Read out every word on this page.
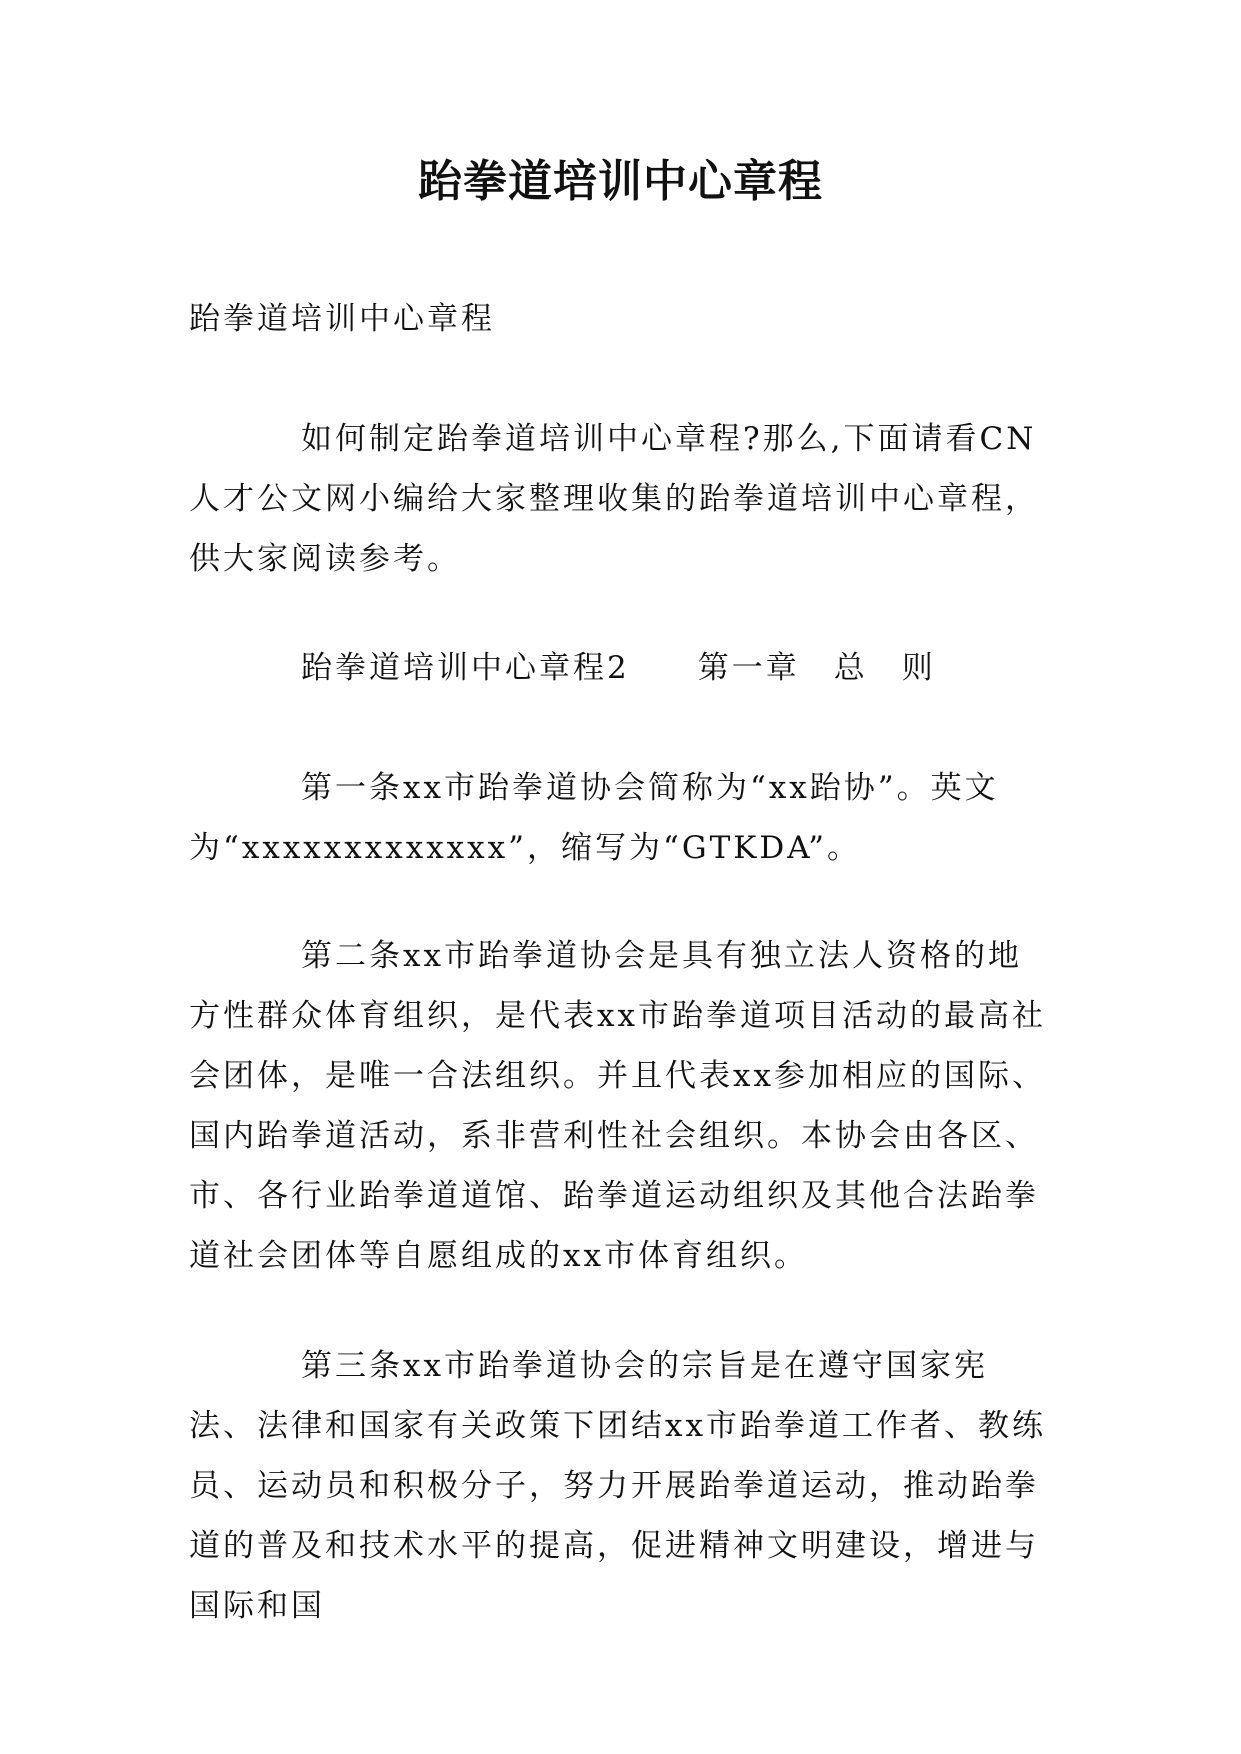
跆拳道培训中心章程

跆拳道培训中心章程

如何制定跆拳道培训中心章程?那么,下面请看CN人才公文网小编给大家整理收集的跆拳道培训中心章程，供大家阅读参考。

跆拳道培训中心章程2　　第一章　总　则

第一条xx市跆拳道协会简称为“xx跆协”。英文为“xxxxxxxxxxxxx”，缩写为“GTKDA”。

第二条xx市跆拳道协会是具有独立法人资格的地方性群众体育组织，是代表xx市跆拳道项目活动的最高社会团体，是唯一合法组织。并且代表xx参加相应的国际、国内跆拳道活动，系非营利性社会组织。本协会由各区、市、各行业跆拳道道馆、跆拳道运动组织及其他合法跆拳道社会团体等自愿组成的xx市体育组织。

第三条xx市跆拳道协会的宗旨是在遵守国家宪法、法律和国家有关政策下团结xx市跆拳道工作者、教练员、运动员和积极分子，努力开展跆拳道运动，推动跆拳道的普及和技术水平的提高，促进精神文明建设，增进与国际和国
